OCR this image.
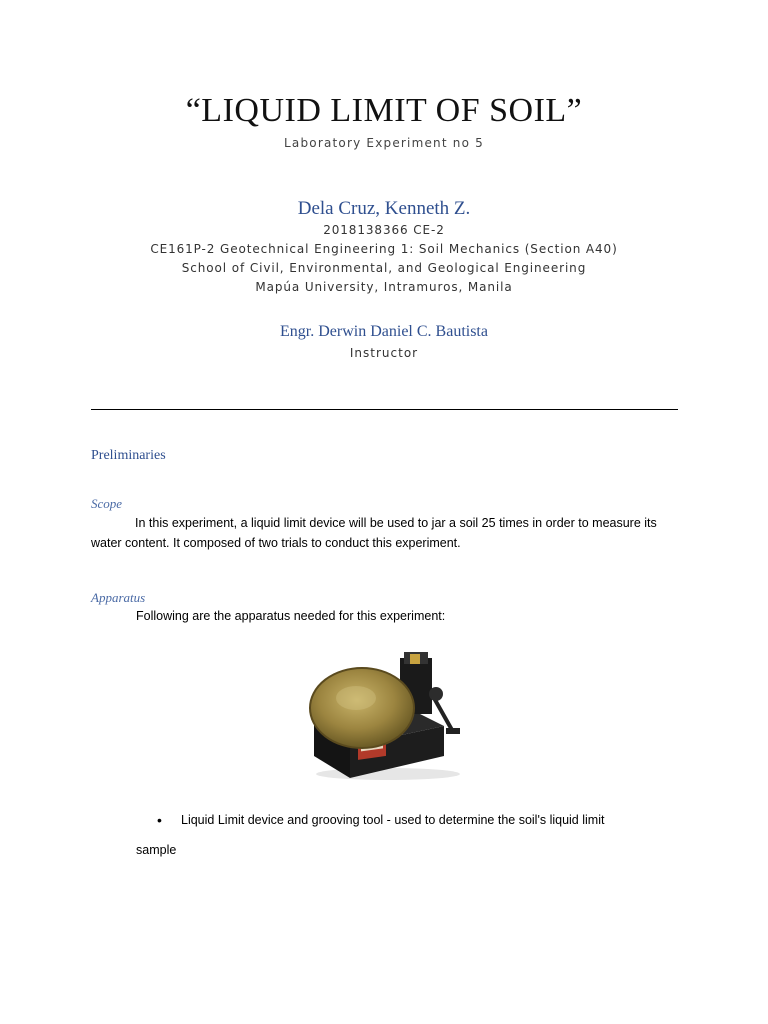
“LIQUID LIMIT OF SOIL”
Laboratory Experiment no 5
Dela Cruz, Kenneth Z.
2018138366 CE-2
CE161P-2 Geotechnical Engineering 1: Soil Mechanics (Section A40)
School of Civil, Environmental, and Geological Engineering
Mapúa University, Intramuros, Manila
Engr. Derwin Daniel C. Bautista
Instructor
Preliminaries
Scope
In this experiment, a liquid limit device will be used to jar a soil 25 times in order to measure its water content. It composed of two trials to conduct this experiment.
Apparatus
Following are the apparatus needed for this experiment:
• Liquid Limit device and grooving tool - used to determine the soil's liquid limit
sample
